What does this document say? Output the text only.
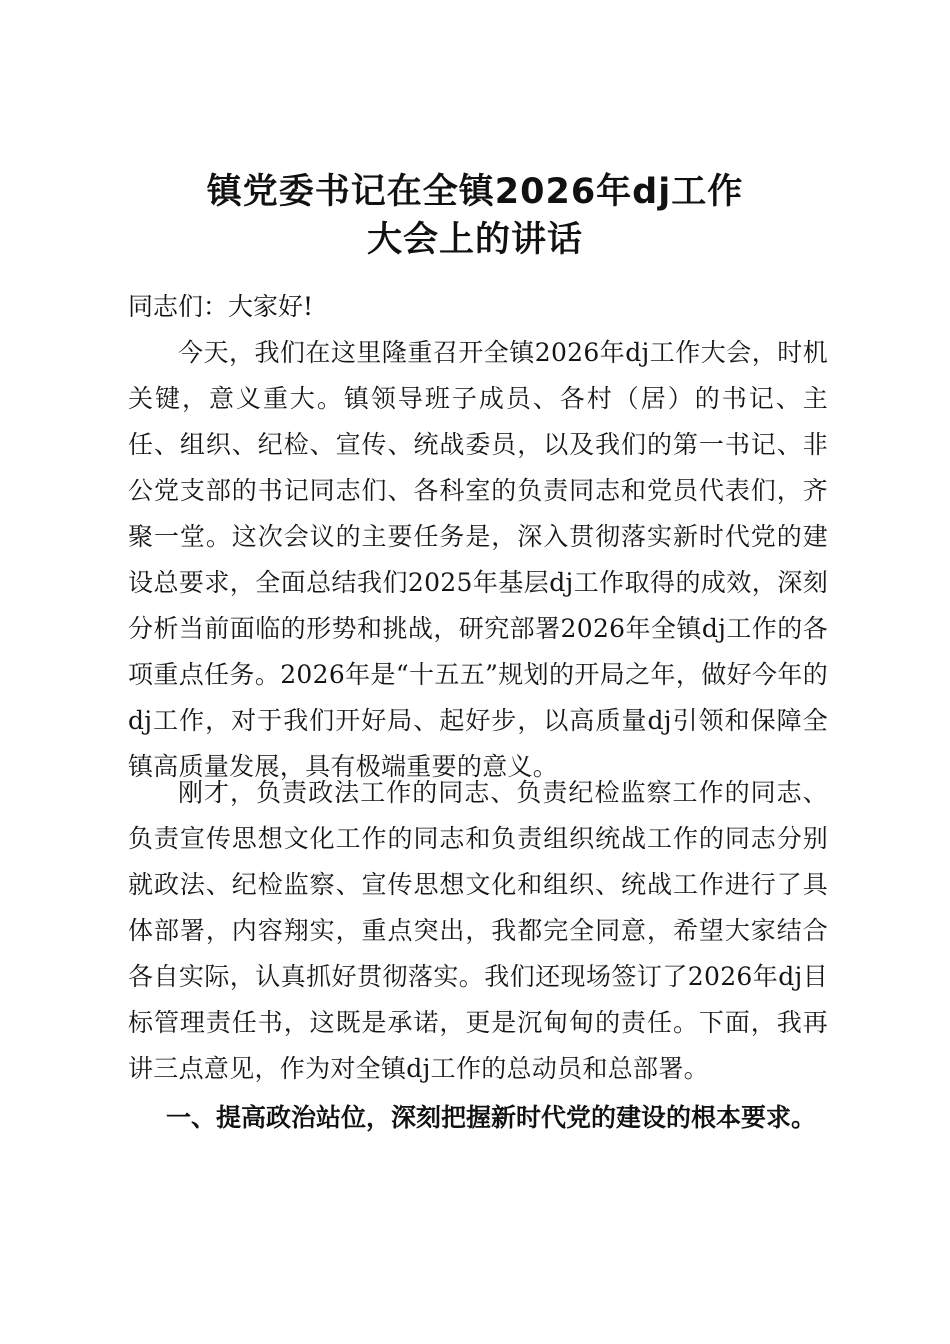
镇党委书记在全镇2026年dj工作
大会上的讲话
同志们：大家好!

今天，我们在这里隆重召开全镇2026年dj工作大会，时机关键，意义重大。镇领导班子成员、各村（居）的书记、主任、组织、纪检、宣传、统战委员，以及我们的第一书记、非公党支部的书记同志们、各科室的负责同志和党员代表们，齐聚一堂。这次会议的主要任务是，深入贯彻落实新时代党的建设总要求，全面总结我们2025年基层dj工作取得的成效，深刻分析当前面临的形势和挑战，研究部署2026年全镇dj工作的各项重点任务。2026年是“十五五”规划的开局之年，做好今年的dj工作，对于我们开好局、起好步，以高质量dj引领和保障全镇高质量发展，具有极端重要的意义。

刚才，负责政法工作的同志、负责纪检监察工作的同志、负责宣传思想文化工作的同志和负责组织统战工作的同志分别就政法、纪检监察、宣传思想文化和组织、统战工作进行了具体部署，内容翔实，重点突出，我都完全同意，希望大家结合各自实际，认真抓好贯彻落实。我们还现场签订了2026年dj目标管理责任书，这既是承诺，更是沉甸甸的责任。下面，我再讲三点意见，作为对全镇dj工作的总动员和总部署。

一、提高政治站位，深刻把握新时代党的建设的根本要求。
